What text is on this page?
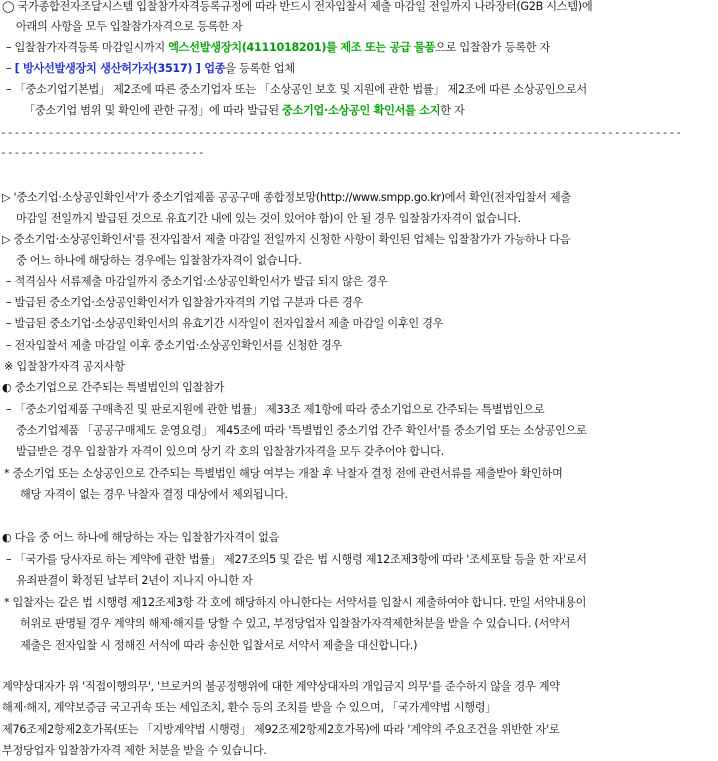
◯ 국가종합전자조달시스템 입찰참가자격등록규정에 따라 반드시 전자입찰서 제출 마감일 전일까지 나라장터(G2B 시스템)에
아래의 사항을 모두 입찰참가자격으로 등록한 자
– 입찰참가자격등록 마감일시까지 엑스선발생장치(4111018201)를 제조 또는 공급 물품으로 입찰참가 등록한 자
– [ 방사선발생장치 생산허가자(3517) ] 업종을 등록한 업체
– 「중소기업기본법」 제2조에 따른 중소기업자 또는 「소상공인 보호 및 지원에 관한 법률」 제2조에 따른 소상공인으로서
「중소기업 범위 및 확인에 관한 규정」에 따라 발급된 중소기업·소상공인 확인서를 소지한 자
----------------------------------------------------------------------------------------------------
------------------------------
▷ '중소기업·소상공인확인서'가 중소기업제품 공공구매 종합정보망(http://www.smpp.go.kr)에서 확인(전자입찰서 제출
마감일 전일까지 발급된 것으로 유효기간 내에 있는 것이 있어야 함)이 안 될 경우 입찰참가자격이 없습니다.
▷ 중소기업·소상공인확인서'를 전자입찰서 제출 마감일 전일까지 신청한 사항이 확인된 업체는 입찰참가가 가능하나 다음
중 어느 하나에 해당하는 경우에는 입찰참가자격이 없습니다.
– 적격심사 서류제출 마감일까지 중소기업·소상공인확인서가 발급 되지 않은 경우
– 발급된 중소기업·소상공인확인서가 입찰참가자격의 기업 구분과 다른 경우
– 발급된 중소기업·소상공인확인서의 유효기간 시작일이 전자입찰서 제출 마감일 이후인 경우
– 전자입찰서 제출 마감일 이후 중소기업·소상공인확인서를 신청한 경우
※ 입찰참가자격 공지사항
◐ 중소기업으로 간주되는 특별법인의 입찰참가
– 「중소기업제품 구매촉진 및 판로지원에 관한 법률」 제33조 제1항에 따라 중소기업으로 간주되는 특별법인으로
중소기업제품 「공공구매제도 운영요령」 제45조에 따라 '특별법인 중소기업 간주 확인서'를 중소기업 또는 소상공인으로
발급받은 경우 입찰참가 자격이 있으며 상기 각 호의 입찰참가자격을 모두 갖추어야 합니다.
* 중소기업 또는 소상공인으로 간주되는 특별법인 해당 여부는 개찰 후 낙찰자 결정 전에 관련서류를 제출받아 확인하며
해당 자격이 없는 경우 낙찰자 결정 대상에서 제외됩니다.
◐ 다음 중 어느 하나에 해당하는 자는 입찰참가자격이 없음
– 「국가를 당사자로 하는 계약에 관한 법률」 제27조의5 및 같은 법 시행령 제12조제3항에 따라 '조세포탈 등을 한 자'로서
유죄판결이 확정된 날부터 2년이 지나지 아니한 자
* 입찰자는 같은 법 시행령 제12조제3항 각 호에 해당하지 아니한다는 서약서를 입찰시 제출하여야 합니다. 만일 서약내용이
허위로 판명될 경우 계약의 해제·해지를 당할 수 있고, 부정당업자 입찰참가자격제한처분을 받을 수 있습니다. (서약서
제출은 전자입찰 시 정해진 서식에 따라 송신한 입찰서로 서약서 제출을 대신합니다.)
계약상대자가 위 '직접이행의무', '브로커의 불공정행위에 대한 계약상대자의 개입금지 의무'를 준수하지 않을 경우 계약
해제·해지, 계약보증금 국고귀속 또는 세입조치, 환수 등의 조치를 받을 수 있으며, 「국가계약법 시행령」
제76조제2항제2호가목(또는 「지방계약법 시행령」 제92조제2항제2호가목)에 따라 '계약의 주요조건을 위반한 자'로
부정당업자 입찰참가자격 제한 처분을 받을 수 있습니다.
